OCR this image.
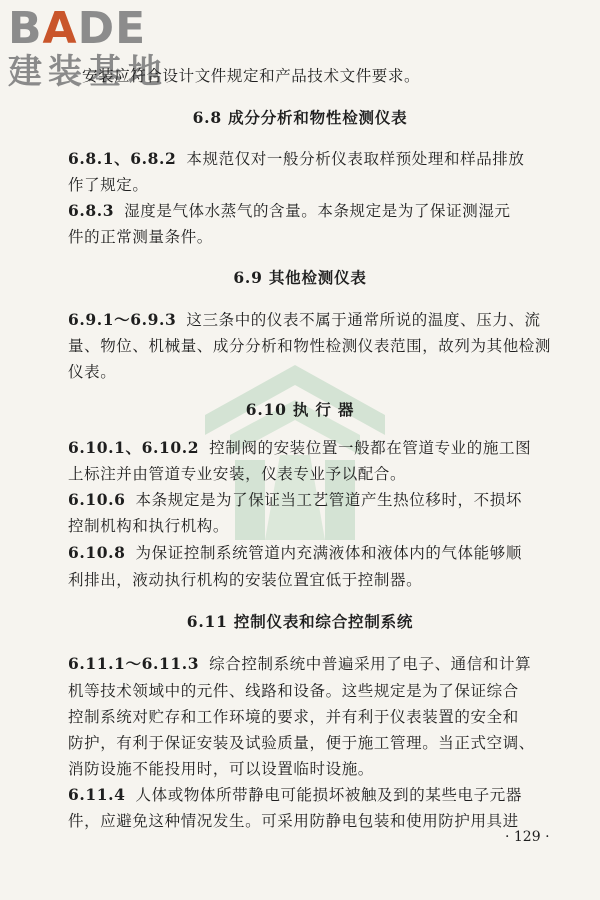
BADE
建装基地
安装应符合设计文件规定和产品技术文件要求。
6.8 成分分析和物性检测仪表
6.8.1、6.8.2 本规范仅对一般分析仪表取样预处理和样品排放
作了规定。
6.8.3 湿度是气体水蒸气的含量。本条规定是为了保证测湿元
件的正常测量条件。
6.9 其他检测仪表
6.9.1～6.9.3 这三条中的仪表不属于通常所说的温度、压力、流
量、物位、机械量、成分分析和物性检测仪表范围，故列为其他检测
仪表。
6.10 执 行 器
6.10.1、6.10.2 控制阀的安装位置一般都在管道专业的施工图
上标注并由管道专业安装，仪表专业予以配合。
6.10.6 本条规定是为了保证当工艺管道产生热位移时，不损坏
控制机构和执行机构。
6.10.8 为保证控制系统管道内充满液体和液体内的气体能够顺
利排出，液动执行机构的安装位置宜低于控制器。
6.11 控制仪表和综合控制系统
6.11.1～6.11.3 综合控制系统中普遍采用了电子、通信和计算
机等技术领域中的元件、线路和设备。这些规定是为了保证综合
控制系统对贮存和工作环境的要求，并有利于仪表装置的安全和
防护，有利于保证安装及试验质量，便于施工管理。当正式空调、
消防设施不能投用时，可以设置临时设施。
6.11.4 人体或物体所带静电可能损坏被触及到的某些电子元器
件，应避免这种情况发生。可采用防静电包装和使用防护用具进
· 129 ·
